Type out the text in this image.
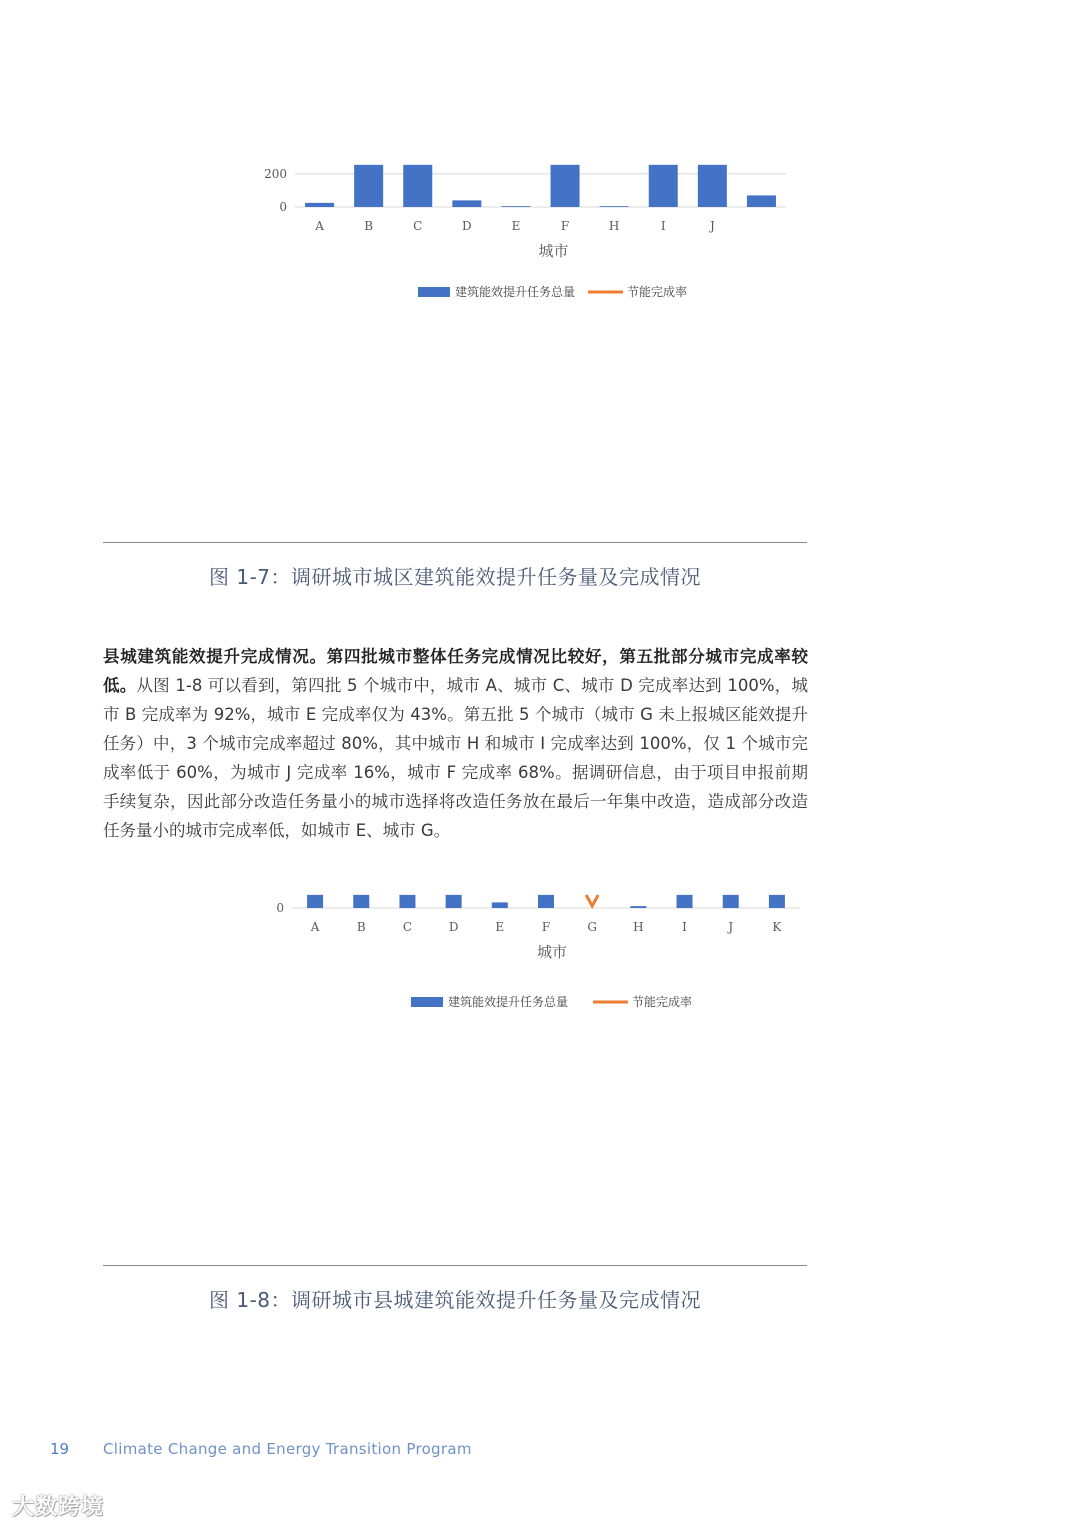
0
200
A	B	C	D	E	F	H	I	J
城市
建筑能效提升任务总量	节能完成率
图 1-7：调研城市城区建筑能效提升任务量及完成情况
县城建筑能效提升完成情况。第四批城市整体任务完成情况比较好，第五批部分城市完成率较低。从图 1-8 可以看到，第四批 5 个城市中，城市 A、城市 C、城市 D 完成率达到 100%，城市 B 完成率为 92%，城市 E 完成率仅为 43%。第五批 5 个城市（城市 G 未上报城区能效提升任务）中，3 个城市完成率超过 80%，其中城市 H 和城市 I 完成率达到 100%，仅 1 个城市完成率低于 60%，为城市 J 完成率 16%，城市 F 完成率 68%。据调研信息，由于项目申报前期手续复杂，因此部分改造任务量小的城市选择将改造任务放在最后一年集中改造，造成部分改造任务量小的城市完成率低，如城市 E、城市 G。
0
A	B	C	D	E	F	G	H	I	J	K
城市
建筑能效提升任务总量	节能完成率
图 1-8：调研城市县城建筑能效提升任务量及完成情况
19 Climate Change and Energy Transition Program
大数跨境
